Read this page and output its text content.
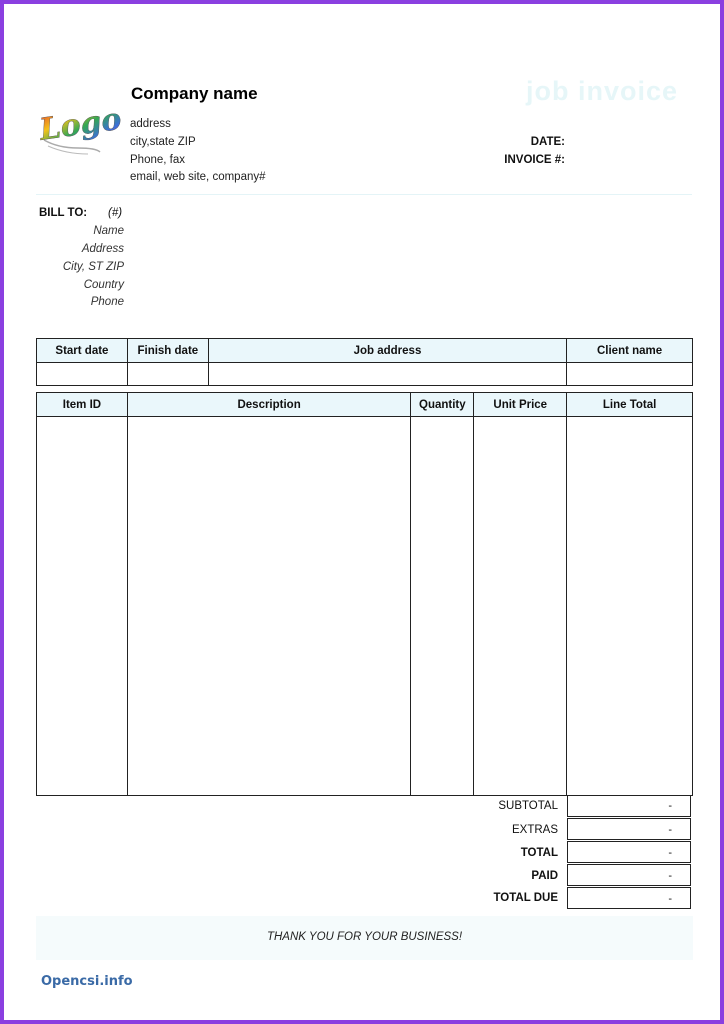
Logo
Company name
address
city,state ZIP
Phone, fax
email, web site, company#
job invoice
DATE:
INVOICE #:
BILL TO: (#)
Name
Address
City, ST ZIP
Country
Phone
Start date	Finish date	Job address	Client name

Item ID	Description	Quantity	Unit Price	Line Total

SUBTOTAL	-
EXTRAS	-
TOTAL	-
PAID	-
TOTAL DUE	-
THANK YOU FOR YOUR BUSINESS!
Opencsi.info
